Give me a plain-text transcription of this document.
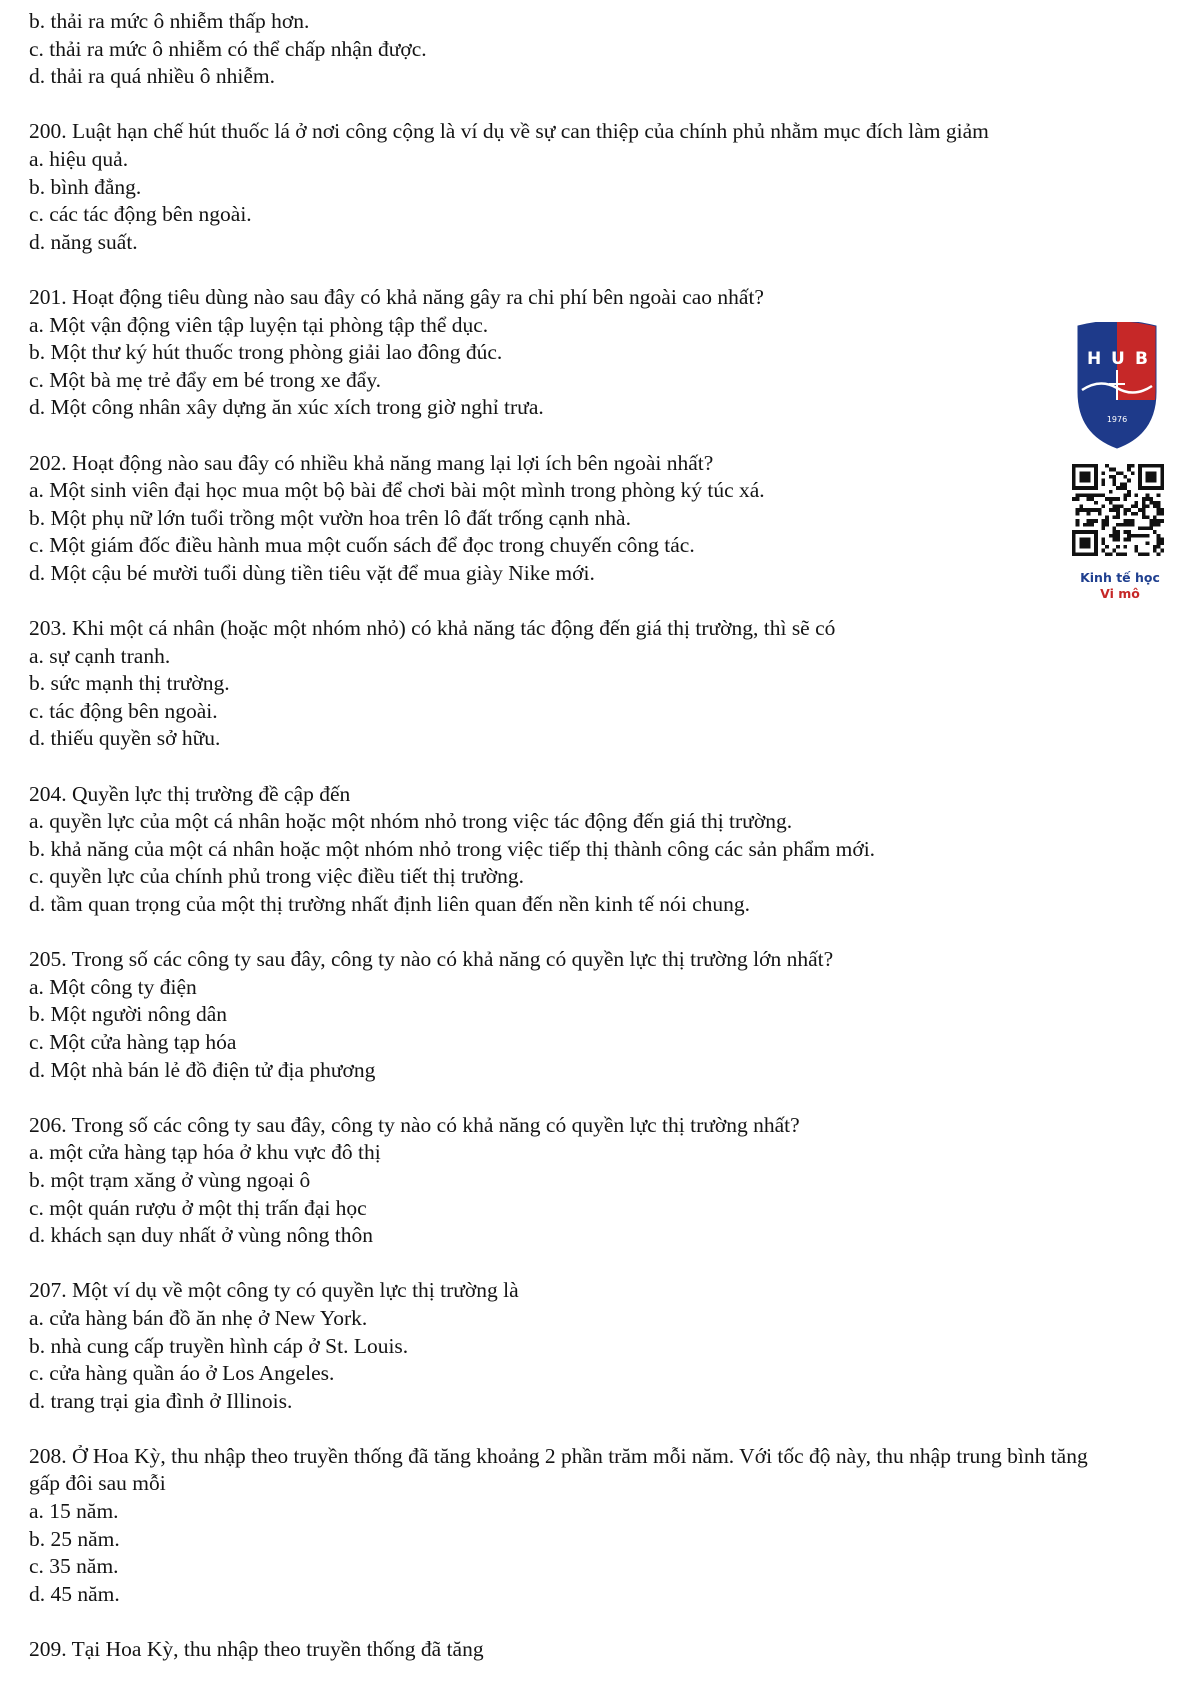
b. thải ra mức ô nhiễm thấp hơn.

c. thải ra mức ô nhiễm có thể chấp nhận được.

d. thải ra quá nhiều ô nhiễm.

200. Luật hạn chế hút thuốc lá ở nơi công cộng là ví dụ về sự can thiệp của chính phủ nhằm mục đích làm giảm

a. hiệu quả.

b. bình đẳng.

c. các tác động bên ngoài.

d. năng suất.

201. Hoạt động tiêu dùng nào sau đây có khả năng gây ra chi phí bên ngoài cao nhất?

a. Một vận động viên tập luyện tại phòng tập thể dục.

b. Một thư ký hút thuốc trong phòng giải lao đông đúc.

c. Một bà mẹ trẻ đẩy em bé trong xe đẩy.

d. Một công nhân xây dựng ăn xúc xích trong giờ nghỉ trưa.

202. Hoạt động nào sau đây có nhiều khả năng mang lại lợi ích bên ngoài nhất?

a. Một sinh viên đại học mua một bộ bài để chơi bài một mình trong phòng ký túc xá.

b. Một phụ nữ lớn tuổi trồng một vườn hoa trên lô đất trống cạnh nhà.

c. Một giám đốc điều hành mua một cuốn sách để đọc trong chuyến công tác.

d. Một cậu bé mười tuổi dùng tiền tiêu vặt để mua giày Nike mới.

203. Khi một cá nhân (hoặc một nhóm nhỏ) có khả năng tác động đến giá thị trường, thì sẽ có

a. sự cạnh tranh.

b. sức mạnh thị trường.

c. tác động bên ngoài.

d. thiếu quyền sở hữu.

204. Quyền lực thị trường đề cập đến

a. quyền lực của một cá nhân hoặc một nhóm nhỏ trong việc tác động đến giá thị trường.

b. khả năng của một cá nhân hoặc một nhóm nhỏ trong việc tiếp thị thành công các sản phẩm mới.

c. quyền lực của chính phủ trong việc điều tiết thị trường.

d. tầm quan trọng của một thị trường nhất định liên quan đến nền kinh tế nói chung.

205. Trong số các công ty sau đây, công ty nào có khả năng có quyền lực thị trường lớn nhất?

a. Một công ty điện

b. Một người nông dân

c. Một cửa hàng tạp hóa

d. Một nhà bán lẻ đồ điện tử địa phương

206. Trong số các công ty sau đây, công ty nào có khả năng có quyền lực thị trường nhất?

a. một cửa hàng tạp hóa ở khu vực đô thị

b. một trạm xăng ở vùng ngoại ô

c. một quán rượu ở một thị trấn đại học

d. khách sạn duy nhất ở vùng nông thôn

207. Một ví dụ về một công ty có quyền lực thị trường là

a. cửa hàng bán đồ ăn nhẹ ở New York.

b. nhà cung cấp truyền hình cáp ở St. Louis.

c. cửa hàng quần áo ở Los Angeles.

d. trang trại gia đình ở Illinois.

208. Ở Hoa Kỳ, thu nhập theo truyền thống đã tăng khoảng 2 phần trăm mỗi năm. Với tốc độ này, thu nhập trung bình tăng gấp đôi sau mỗi

a. 15 năm.

b. 25 năm.

c. 35 năm.

d. 45 năm.

209. Tại Hoa Kỳ, thu nhập theo truyền thống đã tăng

H U B
1976
Kinh tế học
Vi mô
